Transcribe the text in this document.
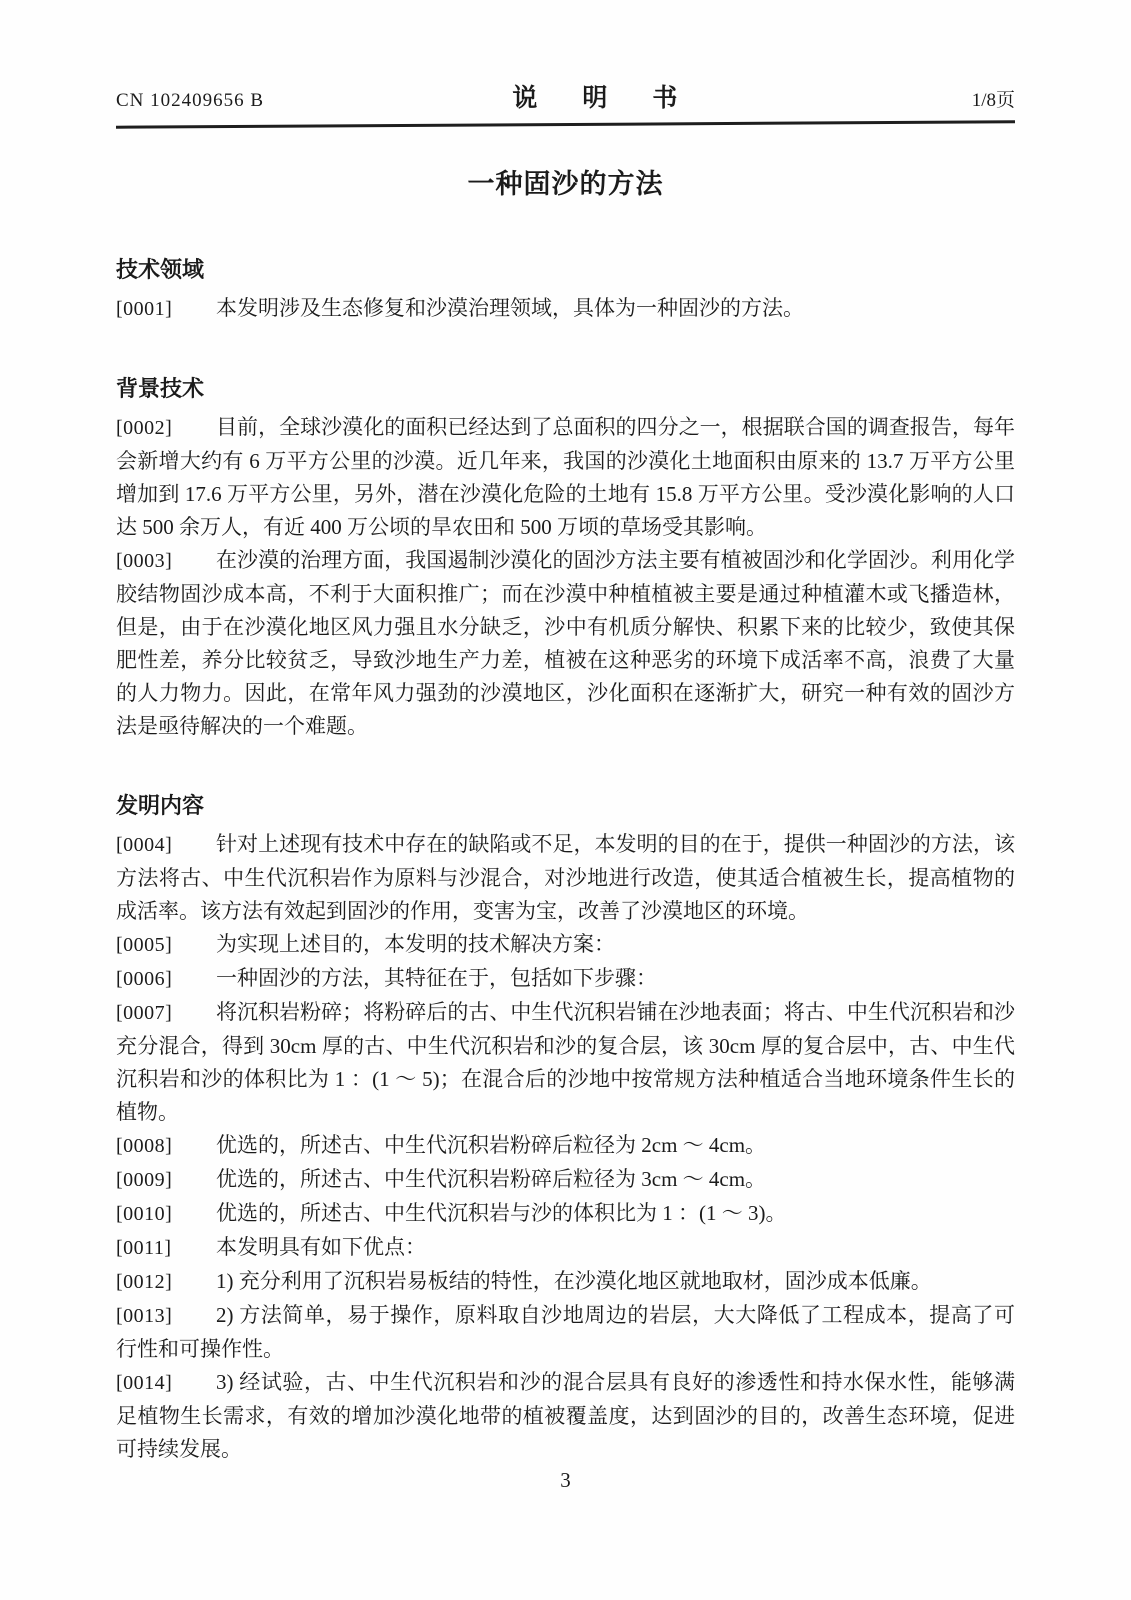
CN 102409656 B	说　明　书	1/8页
一种固沙的方法
技术领域

[0001] 本发明涉及生态修复和沙漠治理领域，具体为一种固沙的方法。

背景技术

[0002] 目前，全球沙漠化的面积已经达到了总面积的四分之一，根据联合国的调查报告，每年会新增大约有 6 万平方公里的沙漠。近几年来，我国的沙漠化土地面积由原来的 13.7 万平方公里增加到 17.6 万平方公里，另外，潜在沙漠化危险的土地有 15.8 万平方公里。受沙漠化影响的人口达 500 余万人，有近 400 万公顷的旱农田和 500 万顷的草场受其影响。

[0003] 在沙漠的治理方面，我国遏制沙漠化的固沙方法主要有植被固沙和化学固沙。利用化学胶结物固沙成本高，不利于大面积推广；而在沙漠中种植植被主要是通过种植灌木或飞播造林，但是，由于在沙漠化地区风力强且水分缺乏，沙中有机质分解快、积累下来的比较少，致使其保肥性差，养分比较贫乏，导致沙地生产力差，植被在这种恶劣的环境下成活率不高，浪费了大量的人力物力。因此，在常年风力强劲的沙漠地区，沙化面积在逐渐扩大，研究一种有效的固沙方法是亟待解决的一个难题。

发明内容

[0004] 针对上述现有技术中存在的缺陷或不足，本发明的目的在于，提供一种固沙的方法，该方法将古、中生代沉积岩作为原料与沙混合，对沙地进行改造，使其适合植被生长，提高植物的成活率。该方法有效起到固沙的作用，变害为宝，改善了沙漠地区的环境。

[0005] 为实现上述目的，本发明的技术解决方案：

[0006] 一种固沙的方法，其特征在于，包括如下步骤：

[0007] 将沉积岩粉碎；将粉碎后的古、中生代沉积岩铺在沙地表面；将古、中生代沉积岩和沙充分混合，得到 30cm 厚的古、中生代沉积岩和沙的复合层，该 30cm 厚的复合层中，古、中生代沉积岩和沙的体积比为 1 ：(1 ～ 5)；在混合后的沙地中按常规方法种植适合当地环境条件生长的植物。

[0008] 优选的，所述古、中生代沉积岩粉碎后粒径为 2cm ～ 4cm。

[0009] 优选的，所述古、中生代沉积岩粉碎后粒径为 3cm ～ 4cm。

[0010] 优选的，所述古、中生代沉积岩与沙的体积比为 1 ：(1 ～ 3)。

[0011] 本发明具有如下优点：

[0012] 1) 充分利用了沉积岩易板结的特性，在沙漠化地区就地取材，固沙成本低廉。

[0013] 2) 方法简单，易于操作，原料取自沙地周边的岩层，大大降低了工程成本，提高了可行性和可操作性。

[0014] 3) 经试验，古、中生代沉积岩和沙的混合层具有良好的渗透性和持水保水性，能够满足植物生长需求，有效的增加沙漠化地带的植被覆盖度，达到固沙的目的，改善生态环境，促进可持续发展。

3
